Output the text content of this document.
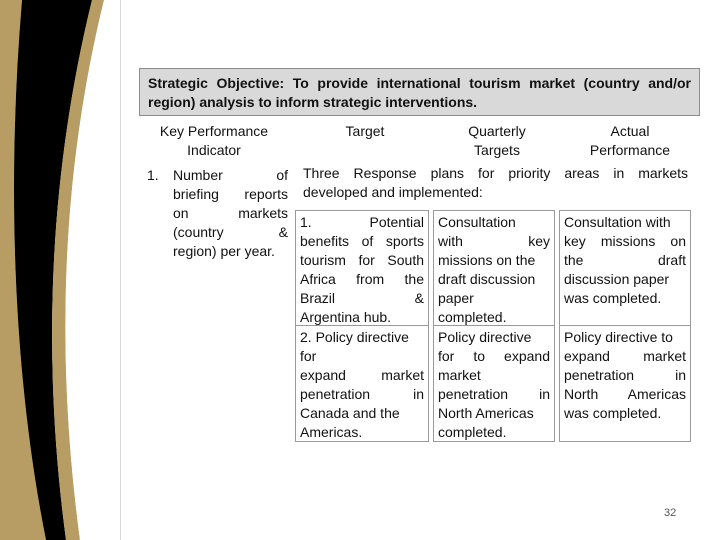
Strategic Objective: To provide international tourism market (country and/or region) analysis to inform strategic interventions.
Key Performance
Indicator
Target	Quarterly
Targets
Actual
Performance
1. Number of
briefing reports
on markets
(country &
region) per year.
Three Response plans for priority areas in markets
developed and implemented:
1. Potential
benefits of sports
tourism for South
Africa from the
Brazil &
Argentina hub.
Consultation
with key
missions on the
draft discussion
paper
completed.
Consultation with
key missions on
the draft
discussion paper
was completed.
2. Policy directive
for
expand market
penetration in
Canada and the
Americas.
Policy directive
for to expand
market
penetration in
North Americas
completed.
Policy directive to
expand market
penetration in
North Americas
was completed.
32
